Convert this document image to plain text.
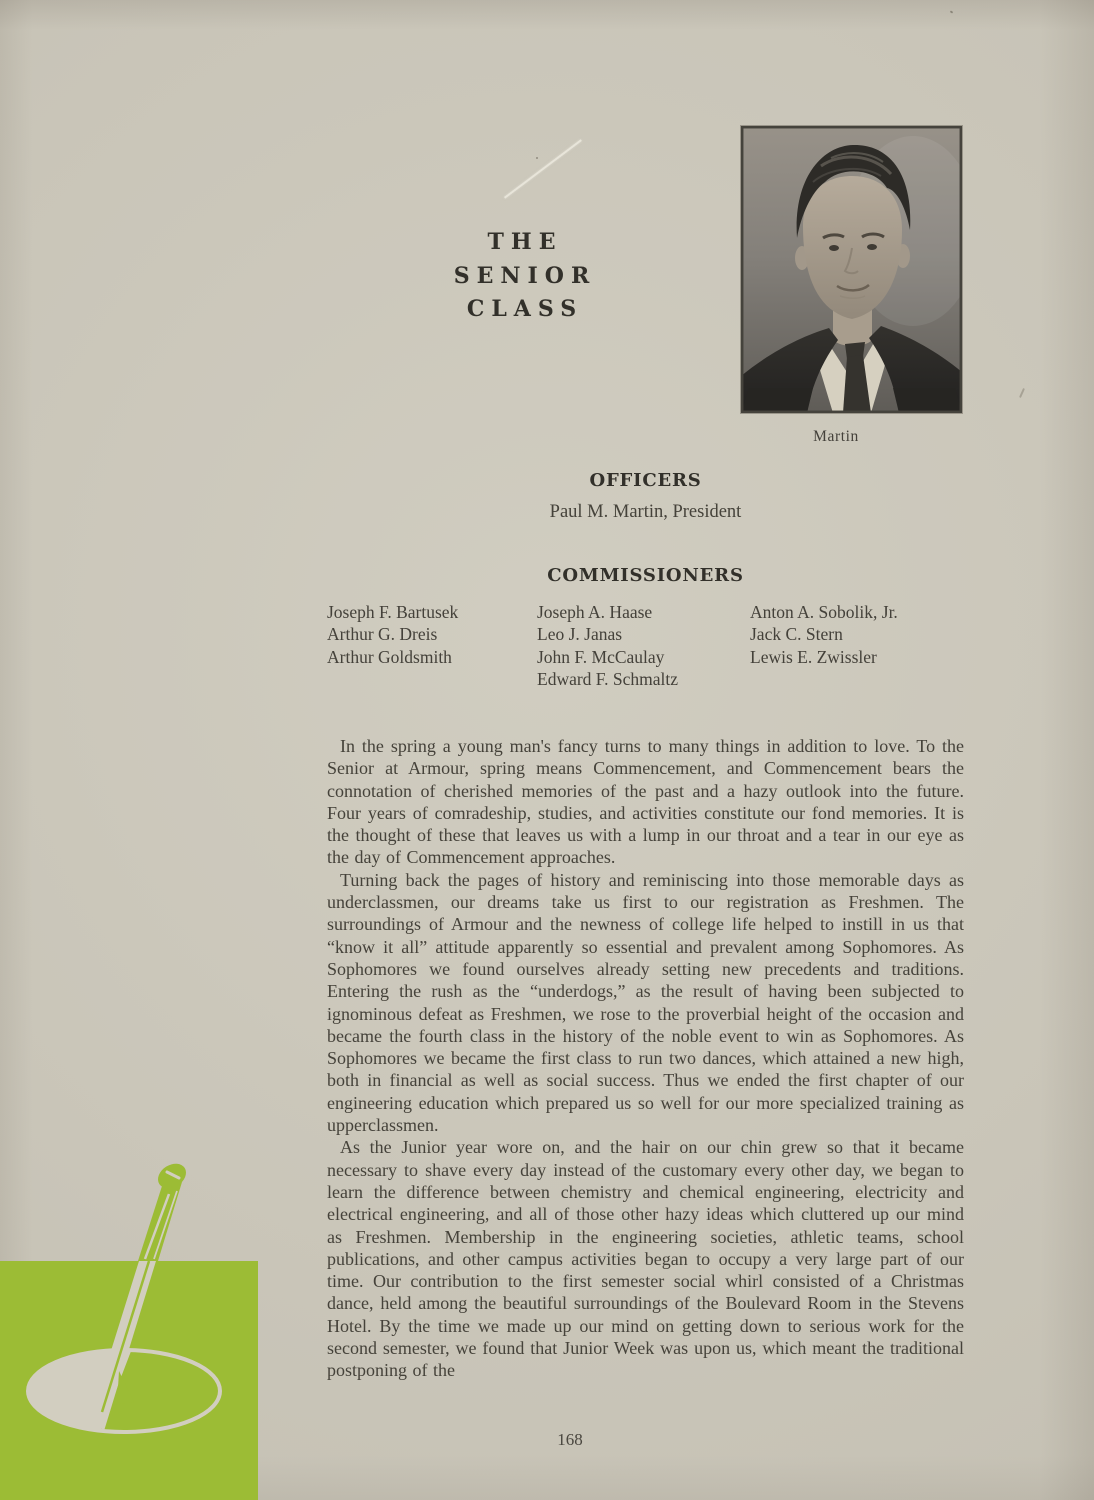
THE
SENIOR
CLASS
Martin
OFFICERS
Paul M. Martin, President
COMMISSIONERS
Joseph F. Bartusek
Arthur G. Dreis
Arthur Goldsmith
Joseph A. Haase
Leo J. Janas
John F. McCaulay
Edward F. Schmaltz
Anton A. Sobolik, Jr.
Jack C. Stern
Lewis E. Zwissler

In the spring a young man's fancy turns to many things in addition to love. To the Senior at Armour, spring means Commencement, and Commencement bears the connotation of cherished memories of the past and a hazy outlook into the future. Four years of comradeship, studies, and activities constitute our fond memories. It is the thought of these that leaves us with a lump in our throat and a tear in our eye as the day of Commencement approaches.

Turning back the pages of history and reminiscing into those memorable days as underclassmen, our dreams take us first to our registration as Freshmen. The surroundings of Armour and the newness of college life helped to instill in us that “know it all” attitude apparently so essential and prevalent among Sophomores. As Sophomores we found ourselves already setting new precedents and traditions. Entering the rush as the “underdogs,” as the result of having been subjected to ignominous defeat as Freshmen, we rose to the proverbial height of the occasion and became the fourth class in the history of the noble event to win as Sophomores. As Sophomores we became the first class to run two dances, which attained a new high, both in financial as well as social success. Thus we ended the first chapter of our engineering education which prepared us so well for our more specialized training as upperclassmen.

As the Junior year wore on, and the hair on our chin grew so that it became necessary to shave every day instead of the customary every other day, we began to learn the difference between chemistry and chemical engineering, electricity and electrical engineering, and all of those other hazy ideas which cluttered up our mind as Freshmen. Membership in the engineering societies, athletic teams, school publications, and other campus activities began to occupy a very large part of our time. Our contribution to the first semester social whirl consisted of a Christmas dance, held among the beautiful surroundings of the Boulevard Room in the Stevens Hotel. By the time we made up our mind on getting down to serious work for the second semester, we found that Junior Week was upon us, which meant the traditional postponing of the

168
